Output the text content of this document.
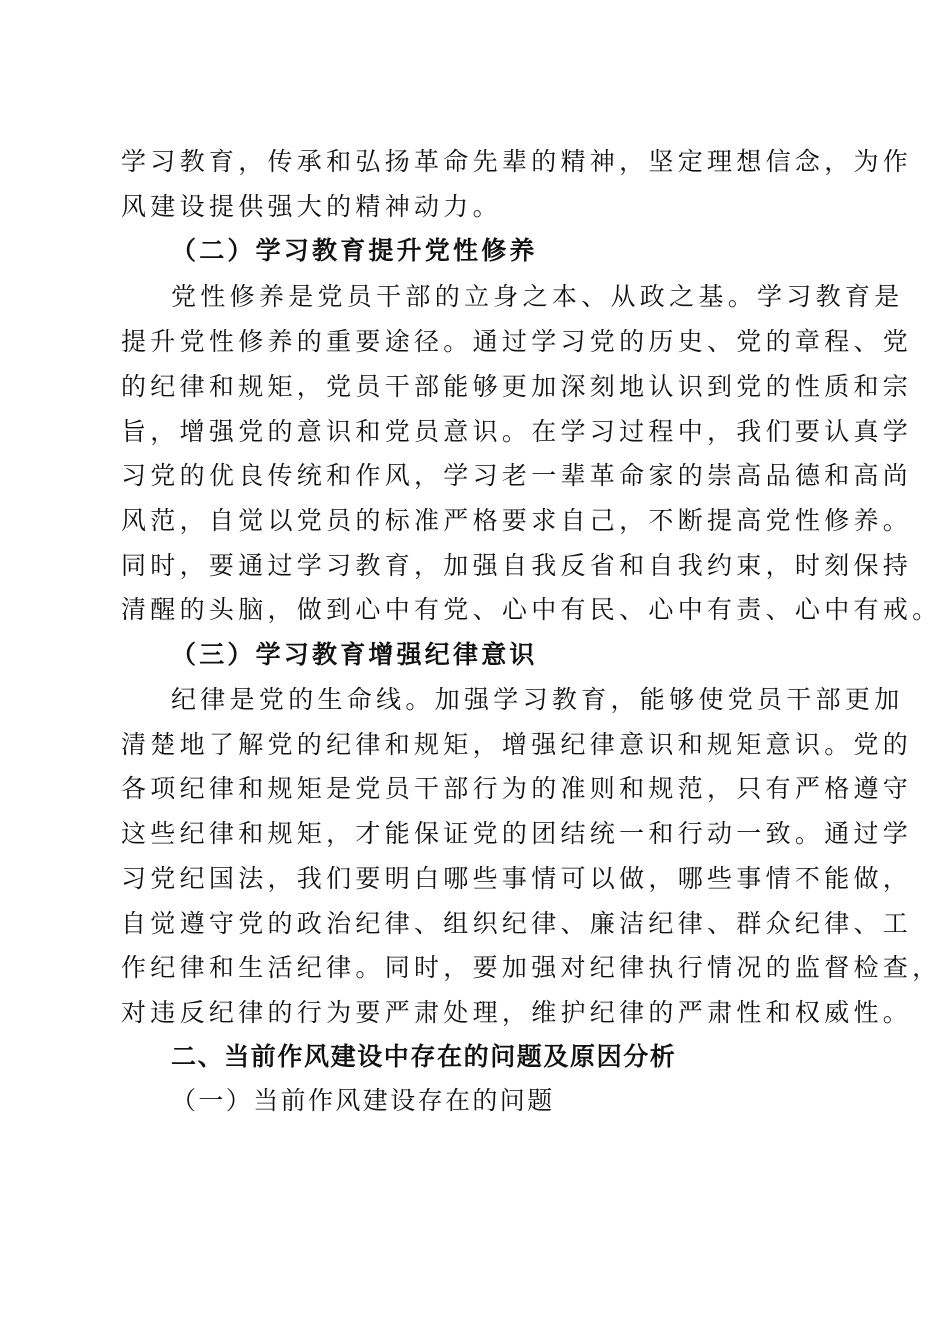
学习教育，传承和弘扬革命先辈的精神，坚定理想信念，为作
风建设提供强大的精神动力。
（二）学习教育提升党性修养
党性修养是党员干部的立身之本、从政之基。学习教育是
提升党性修养的重要途径。通过学习党的历史、党的章程、党
的纪律和规矩，党员干部能够更加深刻地认识到党的性质和宗
旨，增强党的意识和党员意识。在学习过程中，我们要认真学
习党的优良传统和作风，学习老一辈革命家的崇高品德和高尚
风范，自觉以党员的标准严格要求自己，不断提高党性修养。
同时，要通过学习教育，加强自我反省和自我约束，时刻保持
清醒的头脑，做到心中有党、心中有民、心中有责、心中有戒。
（三）学习教育增强纪律意识
纪律是党的生命线。加强学习教育，能够使党员干部更加
清楚地了解党的纪律和规矩，增强纪律意识和规矩意识。党的
各项纪律和规矩是党员干部行为的准则和规范，只有严格遵守
这些纪律和规矩，才能保证党的团结统一和行动一致。通过学
习党纪国法，我们要明白哪些事情可以做，哪些事情不能做，
自觉遵守党的政治纪律、组织纪律、廉洁纪律、群众纪律、工
作纪律和生活纪律。同时，要加强对纪律执行情况的监督检查，
对违反纪律的行为要严肃处理，维护纪律的严肃性和权威性。
二、当前作风建设中存在的问题及原因分析
（一）当前作风建设存在的问题
